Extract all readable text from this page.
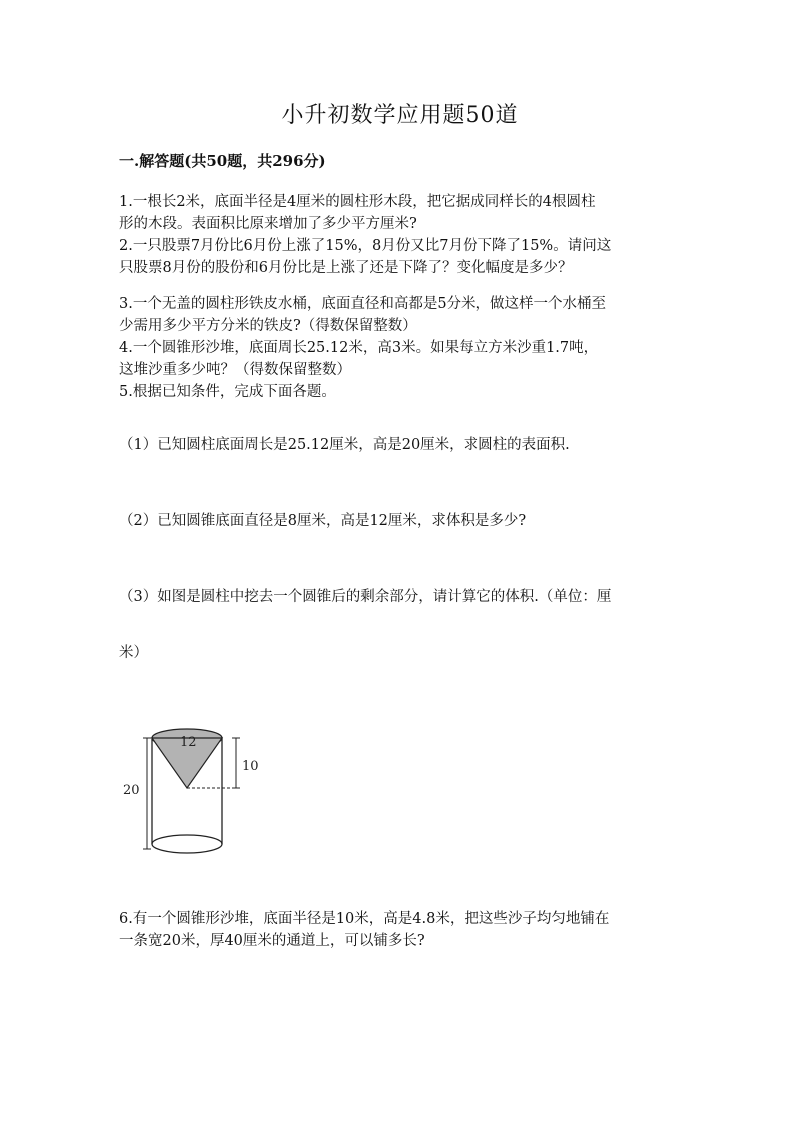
小升初数学应用题50道
一.解答题(共50题，共296分)
1.一根长2米，底面半径是4厘米的圆柱形木段，把它据成同样长的4根圆柱
形的木段。表面积比原来增加了多少平方厘米?
2.一只股票7月份比6月份上涨了15%，8月份又比7月份下降了15%。请问这
只股票8月份的股份和6月份比是上涨了还是下降了？变化幅度是多少？
3.一个无盖的圆柱形铁皮水桶，底面直径和高都是5分米，做这样一个水桶至
少需用多少平方分米的铁皮?（得数保留整数）
4.一个圆锥形沙堆，底面周长25.12米，高3米。如果每立方米沙重1.7吨，
这堆沙重多少吨？（得数保留整数）
5.根据已知条件，完成下面各题。
（1）已知圆柱底面周长是25.12厘米，高是20厘米，求圆柱的表面积.
（2）已知圆锥底面直径是8厘米，高是12厘米，求体积是多少?
（3）如图是圆柱中挖去一个圆锥后的剩余部分，请计算它的体积.（单位：厘
米）
12
10
20
6.有一个圆锥形沙堆，底面半径是10米，高是4.8米，把这些沙子均匀地铺在
一条宽20米，厚40厘米的通道上，可以铺多长?
